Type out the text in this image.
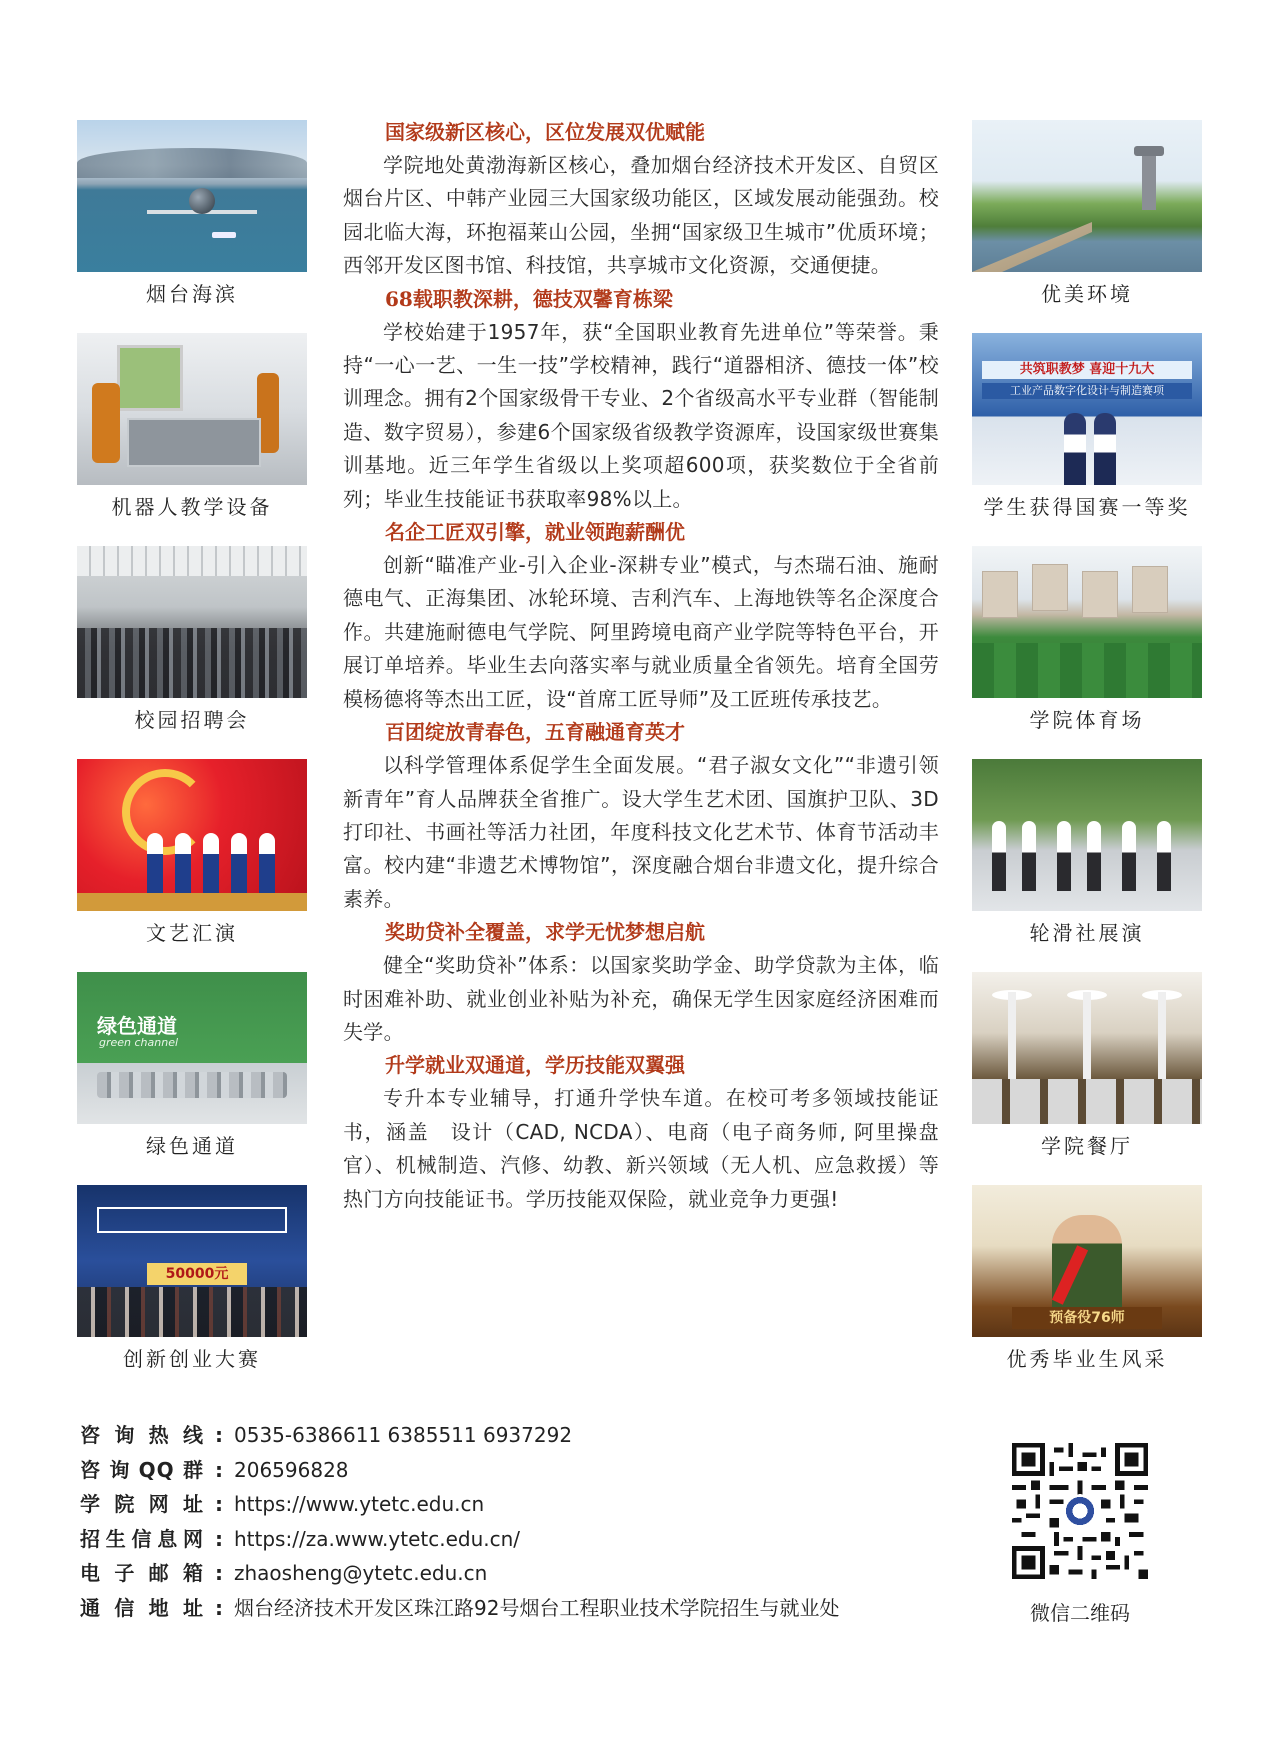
烟台海滨
机器人教学设备
校园招聘会
文艺汇演
绿色通道
green channel
绿色通道
50000元
创新创业大赛
国家级新区核心，区位发展双优赋能

学院地处黄渤海新区核心，叠加烟台经济技术开发区、自贸区烟台片区、中韩产业园三大国家级功能区，区域发展动能强劲。校园北临大海，环抱福莱山公园，坐拥“国家级卫生城市”优质环境；西邻开发区图书馆、科技馆，共享城市文化资源，交通便捷。

68载职教深耕，德技双馨育栋梁

学校始建于1957年，获“全国职业教育先进单位”等荣誉。秉持“一心一艺、一生一技”学校精神，践行“道器相济、德技一体”校训理念。拥有2个国家级骨干专业、2个省级高水平专业群（智能制造、数字贸易），参建6个国家级省级教学资源库，设国家级世赛集训基地。近三年学生省级以上奖项超600项，获奖数位于全省前列；毕业生技能证书获取率98%以上。

名企工匠双引擎，就业领跑薪酬优

创新“瞄准产业-引入企业-深耕专业”模式，与杰瑞石油、施耐德电气、正海集团、冰轮环境、吉利汽车、上海地铁等名企深度合作。共建施耐德电气学院、阿里跨境电商产业学院等特色平台，开展订单培养。毕业生去向落实率与就业质量全省领先。培育全国劳模杨德将等杰出工匠，设“首席工匠导师”及工匠班传承技艺。

百团绽放青春色，五育融通育英才

以科学管理体系促学生全面发展。“君子淑女文化”“非遗引领新青年”育人品牌获全省推广。设大学生艺术团、国旗护卫队、3D打印社、书画社等活力社团，年度科技文化艺术节、体育节活动丰富。校内建“非遗艺术博物馆”，深度融合烟台非遗文化，提升综合素养。

奖助贷补全覆盖，求学无忧梦想启航

健全“奖助贷补”体系：以国家奖助学金、助学贷款为主体，临时困难补助、就业创业补贴为补充，确保无学生因家庭经济困难而失学。

升学就业双通道，学历技能双翼强

专升本专业辅导，打通升学快车道。在校可考多领域技能证书，涵盖　设计（CAD, NCDA）、电商（电子商务师, 阿里操盘官）、机械制造、汽修、幼教、新兴领域（无人机、应急救援）等热门方向技能证书。学历技能双保险，就业竞争力更强!

优美环境
共筑职教梦 喜迎十九大
工业产品数字化设计与制造赛项
学生获得国赛一等奖
学院体育场
轮滑社展演
学院餐厅
预备役76师
优秀毕业生风采
咨询热线 : 0535-6386611 6385511 6937292
咨询QQ群 : 206596828
学院网址 : https://www.ytetc.edu.cn
招生信息网 : https://za.www.ytetc.edu.cn/
电子邮箱 : zhaosheng@ytetc.edu.cn
通信地址 : 烟台经济技术开发区珠江路92号烟台工程职业技术学院招生与就业处	微信二维码
